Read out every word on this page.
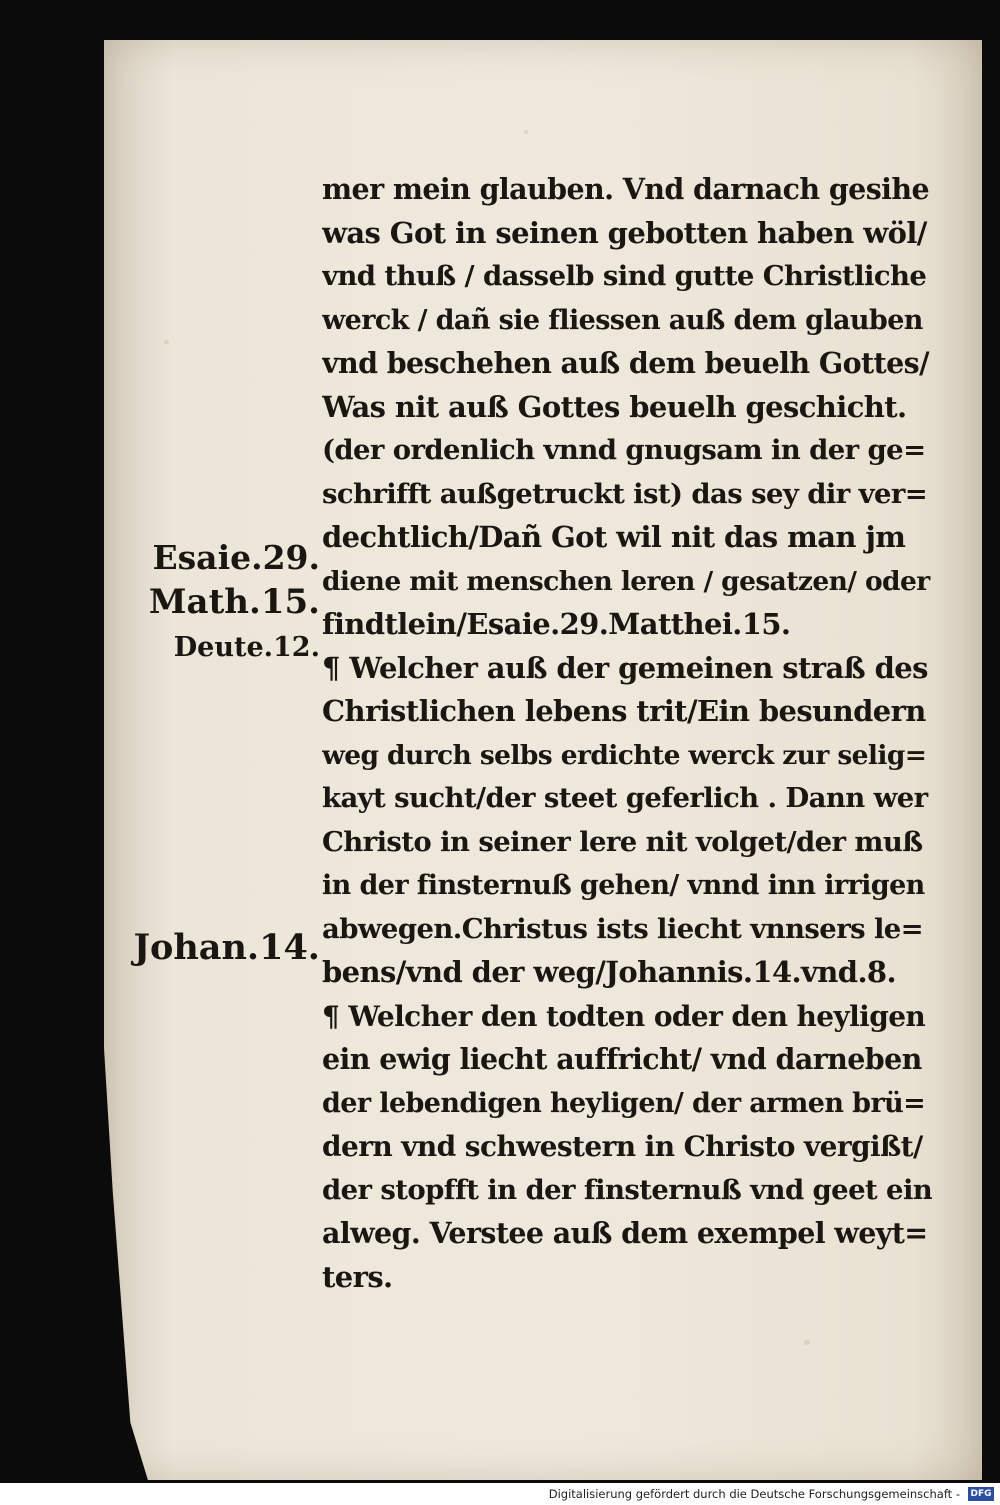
Esaie.29.
Math.15.
Deute.12.
Johan.14.
mer mein glauben. Vnd darnach gesihe
was Got in seinen gebotten haben wöl/
vnd thuß / dasselb sind gutte Christliche
werck / dañ sie fliessen auß dem glauben
vnd beschehen auß dem beuelh Gottes/
Was nit auß Gottes beuelh geschicht.
(der ordenlich vnnd gnugsam in der ge=
schrifft außgetruckt ist) das sey dir ver=
dechtlich/Dañ Got wil nit das man jm
diene mit menschen leren / gesatzen/ oder
findtlein/Esaie.29.Matthei.15.
¶ Welcher auß der gemeinen straß des
Christlichen lebens trit/Ein besundern
weg durch selbs erdichte werck zur selig=
kayt sucht/der steet geferlich . Dann wer
Christo in seiner lere nit volget/der muß
in der finsternuß gehen/ vnnd inn irrigen
abwegen.Christus ists liecht vnnsers le=
bens/vnd der weg/Johannis.14.vnd.8.
¶ Welcher den todten oder den heyligen
ein ewig liecht auffricht/ vnd darneben
der lebendigen heyligen/ der armen brü=
dern vnd schwestern in Christo vergißt/
der stopfft in der finsternuß vnd geet ein
alweg. Verstee auß dem exempel weyt=
ters.
Digitalisierung gefördert durch die Deutsche Forschungsgemeinschaft - DFG
